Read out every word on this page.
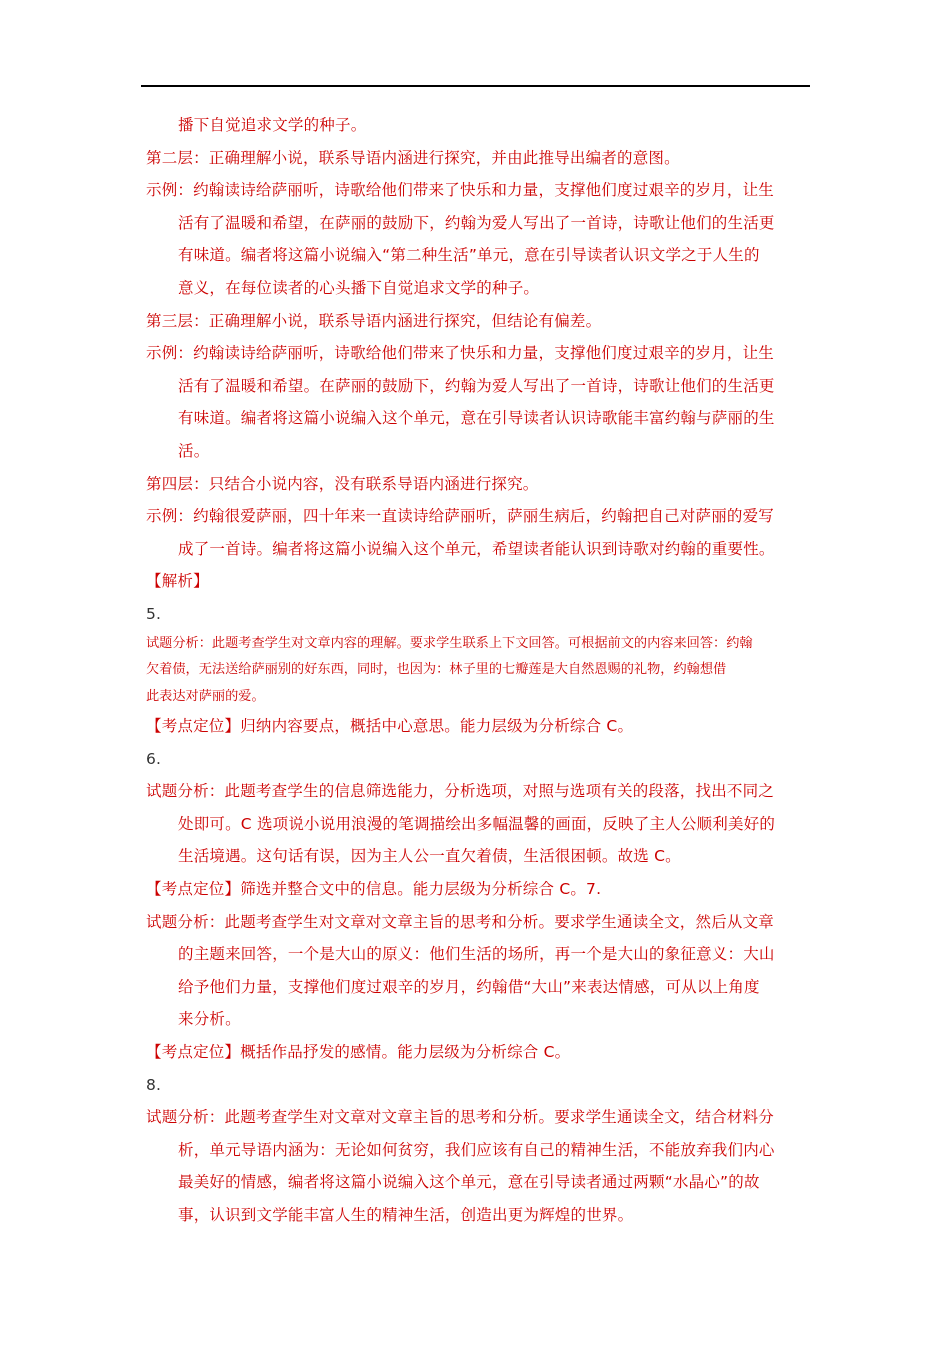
播下自觉追求文学的种子。

第二层：正确理解小说，联系导语内涵进行探究，并由此推导出编者的意图。

示例：约翰读诗给萨丽听，诗歌给他们带来了快乐和力量，支撑他们度过艰辛的岁月，让生
活有了温暖和希望，在萨丽的鼓励下，约翰为爱人写出了一首诗，诗歌让他们的生活更
有味道。编者将这篇小说编入“第二种生活”单元，意在引导读者认识文学之于人生的
意义，在每位读者的心头播下自觉追求文学的种子。

第三层：正确理解小说，联系导语内涵进行探究，但结论有偏差。

示例：约翰读诗给萨丽听，诗歌给他们带来了快乐和力量，支撑他们度过艰辛的岁月，让生
活有了温暖和希望。在萨丽的鼓励下，约翰为爱人写出了一首诗，诗歌让他们的生活更
有味道。编者将这篇小说编入这个单元，意在引导读者认识诗歌能丰富约翰与萨丽的生
活。

第四层：只结合小说内容，没有联系导语内涵进行探究。

示例：约翰很爱萨丽，四十年来一直读诗给萨丽听，萨丽生病后，约翰把自己对萨丽的爱写
成了一首诗。编者将这篇小说编入这个单元，希望读者能认识到诗歌对约翰的重要性。

【解析】

5.

试题分析：此题考查学生对文章内容的理解。要求学生联系上下文回答。可根据前文的内容来回答：约翰
欠着债，无法送给萨丽别的好东西，同时，也因为：林子里的七瓣莲是大自然恩赐的礼物，约翰想借
此表达对萨丽的爱。

【考点定位】归纳内容要点，概括中心意思。能力层级为分析综合 C。

6.

试题分析：此题考查学生的信息筛选能力，分析选项，对照与选项有关的段落，找出不同之
处即可。C 选项说小说用浪漫的笔调描绘出多幅温馨的画面，反映了主人公顺利美好的
生活境遇。这句话有误，因为主人公一直欠着债，生活很困顿。故选 C。

【考点定位】筛选并整合文中的信息。能力层级为分析综合 C。7.

试题分析：此题考查学生对文章对文章主旨的思考和分析。要求学生通读全文，然后从文章
的主题来回答，一个是大山的原义：他们生活的场所，再一个是大山的象征意义：大山
给予他们力量，支撑他们度过艰辛的岁月，约翰借“大山”来表达情感，可从以上角度
来分析。

【考点定位】概括作品抒发的感情。能力层级为分析综合 C。

8.

试题分析：此题考查学生对文章对文章主旨的思考和分析。要求学生通读全文，结合材料分
析，单元导语内涵为：无论如何贫穷，我们应该有自己的精神生活，不能放弃我们内心
最美好的情感，编者将这篇小说编入这个单元，意在引导读者通过两颗“水晶心”的故
事，认识到文学能丰富人生的精神生活，创造出更为辉煌的世界。
